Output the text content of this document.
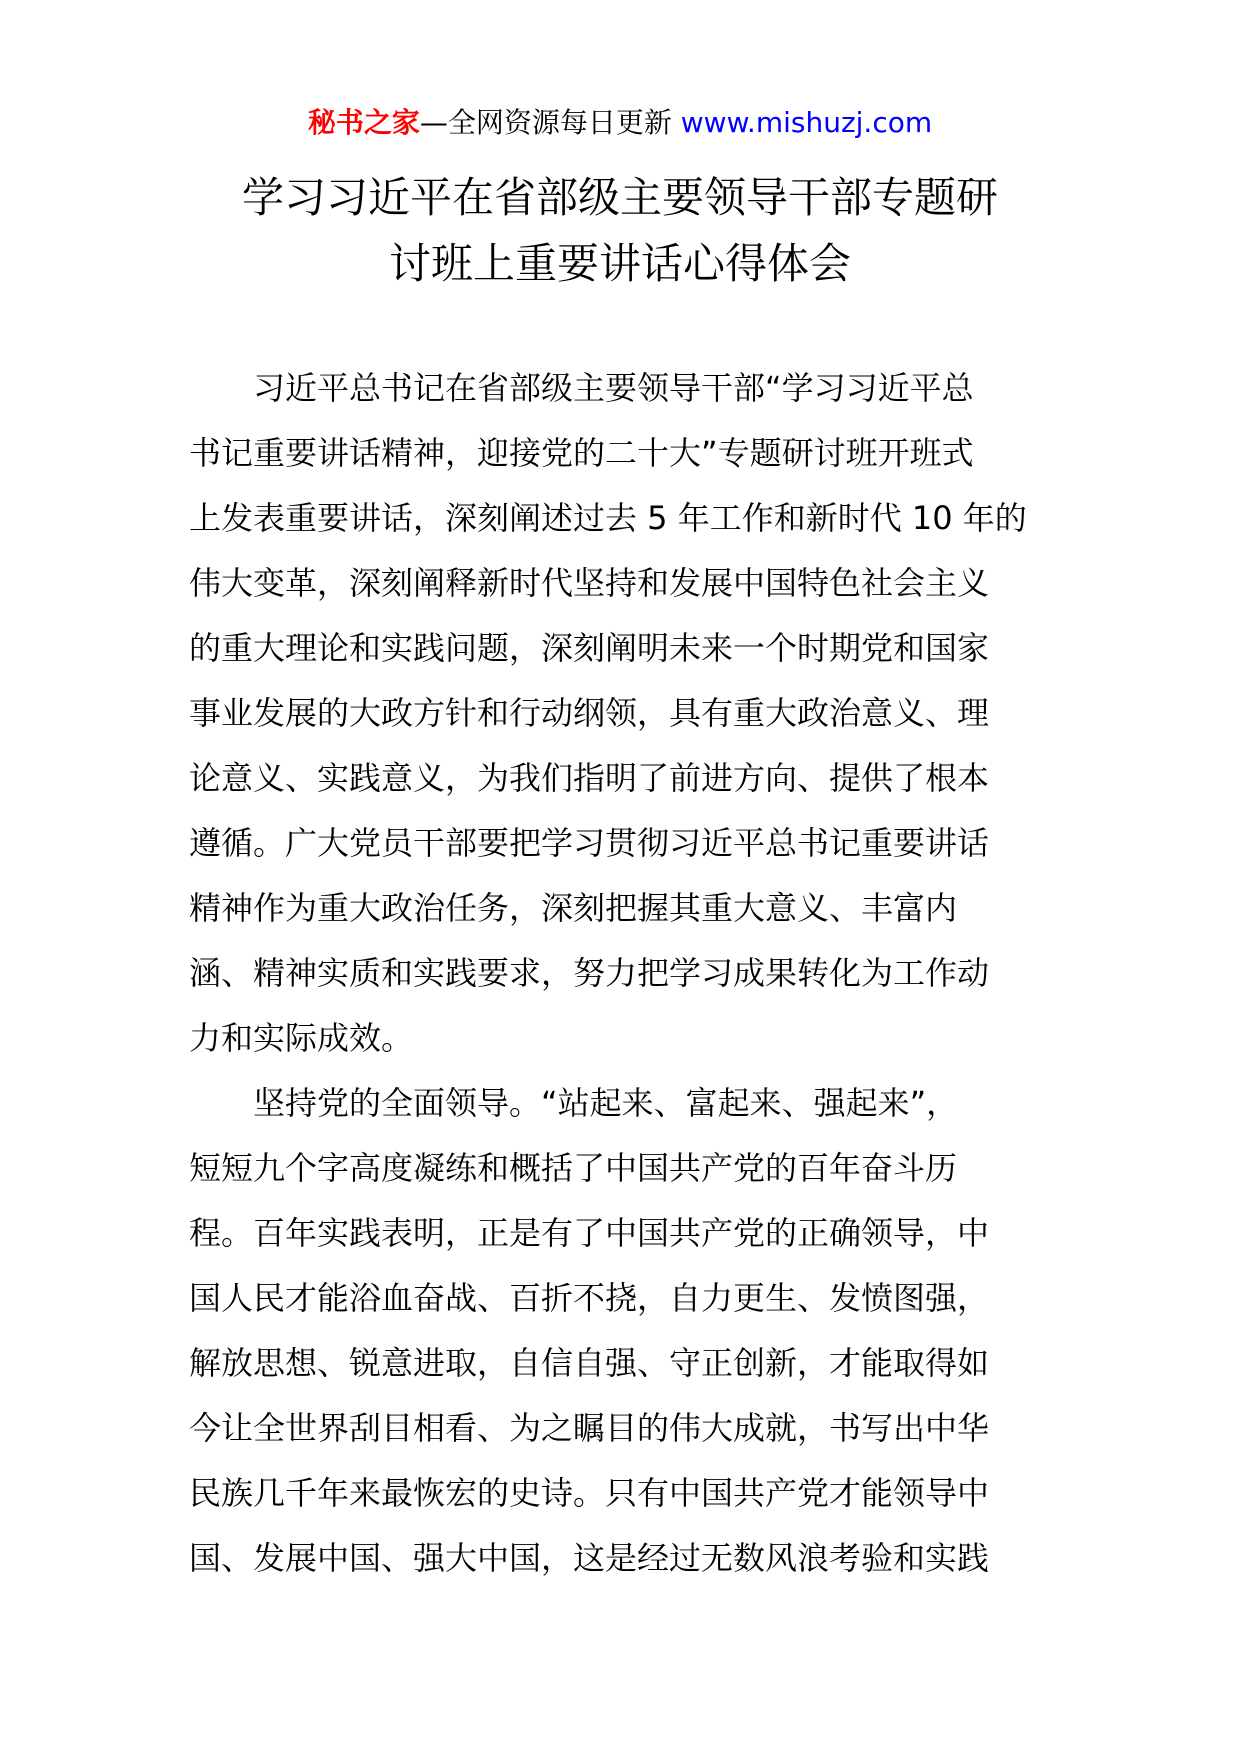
秘书之家—全网资源每日更新 www.mishuzj.com
学习习近平在省部级主要领导干部专题研
讨班上重要讲话心得体会

习近平总书记在省部级主要领导干部“学习习近平总
书记重要讲话精神，迎接党的二十大”专题研讨班开班式
上发表重要讲话，深刻阐述过去 5 年工作和新时代 10 年的
伟大变革，深刻阐释新时代坚持和发展中国特色社会主义
的重大理论和实践问题，深刻阐明未来一个时期党和国家
事业发展的大政方针和行动纲领，具有重大政治意义、理
论意义、实践意义，为我们指明了前进方向、提供了根本
遵循。广大党员干部要把学习贯彻习近平总书记重要讲话
精神作为重大政治任务，深刻把握其重大意义、丰富内
涵、精神实质和实践要求，努力把学习成果转化为工作动
力和实际成效。

坚持党的全面领导。“站起来、富起来、强起来”，
短短九个字高度凝练和概括了中国共产党的百年奋斗历
程。百年实践表明，正是有了中国共产党的正确领导，中
国人民才能浴血奋战、百折不挠，自力更生、发愤图强，
解放思想、锐意进取，自信自强、守正创新，才能取得如
今让全世界刮目相看、为之瞩目的伟大成就，书写出中华
民族几千年来最恢宏的史诗。只有中国共产党才能领导中
国、发展中国、强大中国，这是经过无数风浪考验和实践
